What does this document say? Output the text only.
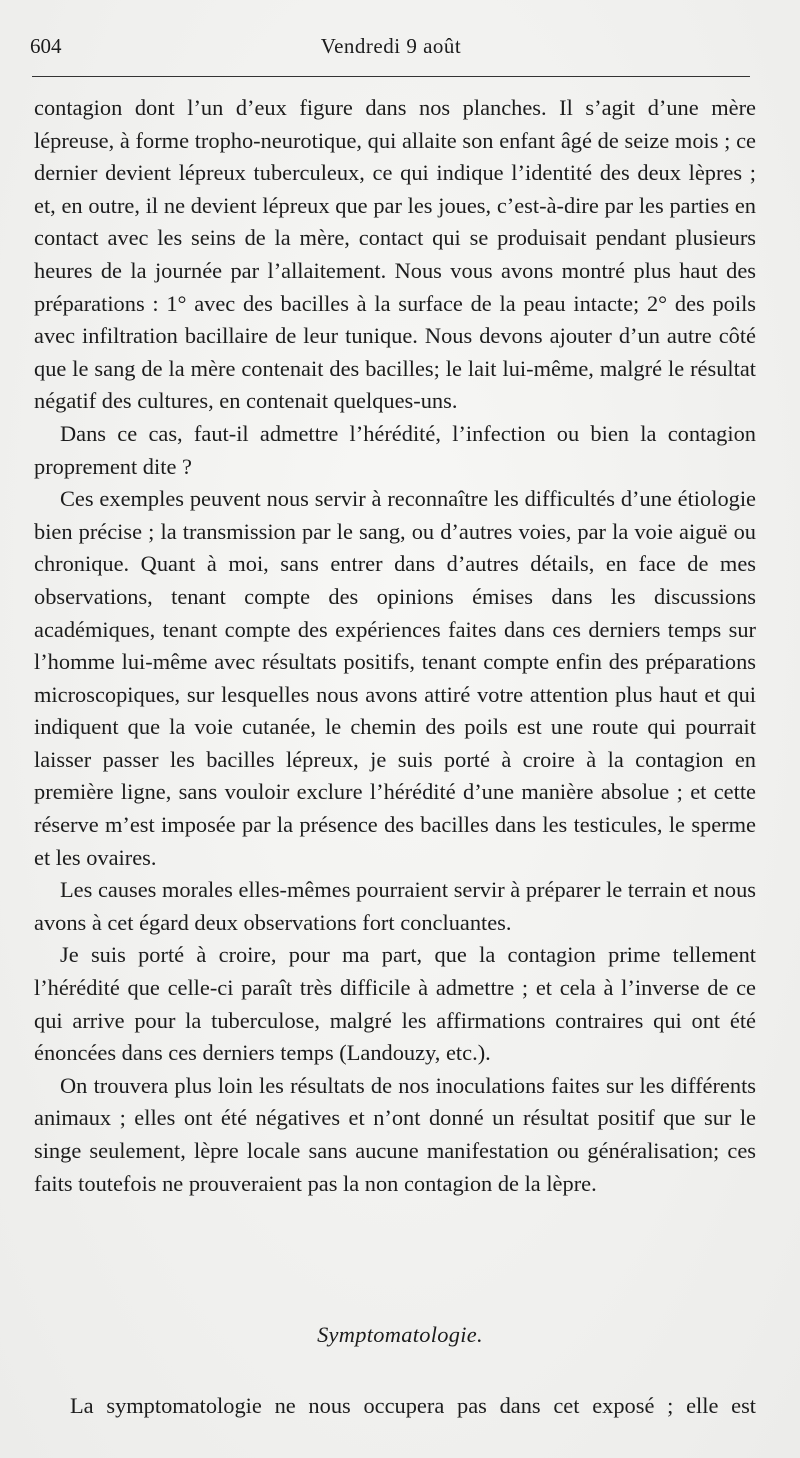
604	Vendredi 9 août

contagion dont l’un d’eux figure dans nos planches. Il s’agit d’une mère lépreuse, à forme tropho-neurotique, qui allaite son enfant âgé de seize mois ; ce dernier devient lépreux tuberculeux, ce qui indique l’identité des deux lèpres ; et, en outre, il ne devient lépreux que par les joues, c’est-à-dire par les parties en contact avec les seins de la mère, contact qui se produisait pendant plusieurs heures de la journée par l’allaitement. Nous vous avons montré plus haut des préparations : 1° avec des bacilles à la surface de la peau intacte; 2° des poils avec infiltration bacillaire de leur tunique. Nous devons ajouter d’un autre côté que le sang de la mère contenait des bacilles; le lait lui-même, malgré le résultat négatif des cultures, en contenait quelques-uns.

Dans ce cas, faut-il admettre l’hérédité, l’infection ou bien la contagion proprement dite ?

Ces exemples peuvent nous servir à reconnaître les difficultés d’une étiologie bien précise ; la transmission par le sang, ou d’autres voies, par la voie aiguë ou chronique. Quant à moi, sans entrer dans d’autres détails, en face de mes observations, tenant compte des opinions émises dans les discussions académiques, tenant compte des expériences faites dans ces derniers temps sur l’homme lui-même avec résultats positifs, tenant compte enfin des préparations microscopiques, sur lesquelles nous avons attiré votre attention plus haut et qui indiquent que la voie cutanée, le chemin des poils est une route qui pourrait laisser passer les bacilles lépreux, je suis porté à croire à la contagion en première ligne, sans vouloir exclure l’hérédité d’une manière absolue ; et cette réserve m’est imposée par la présence des bacilles dans les testicules, le sperme et les ovaires.

Les causes morales elles-mêmes pourraient servir à préparer le terrain et nous avons à cet égard deux observations fort concluantes.

Je suis porté à croire, pour ma part, que la contagion prime tellement l’hérédité que celle-ci paraît très difficile à admettre ; et cela à l’inverse de ce qui arrive pour la tuberculose, malgré les affirmations contraires qui ont été énoncées dans ces derniers temps (Landouzy, etc.).

On trouvera plus loin les résultats de nos inoculations faites sur les différents animaux ; elles ont été négatives et n’ont donné un résultat positif que sur le singe seulement, lèpre locale sans aucune manifestation ou généralisation; ces faits toutefois ne prouveraient pas la non contagion de la lèpre.

Symptomatologie.
La symptomatologie ne nous occupera pas dans cet exposé ; elle est
